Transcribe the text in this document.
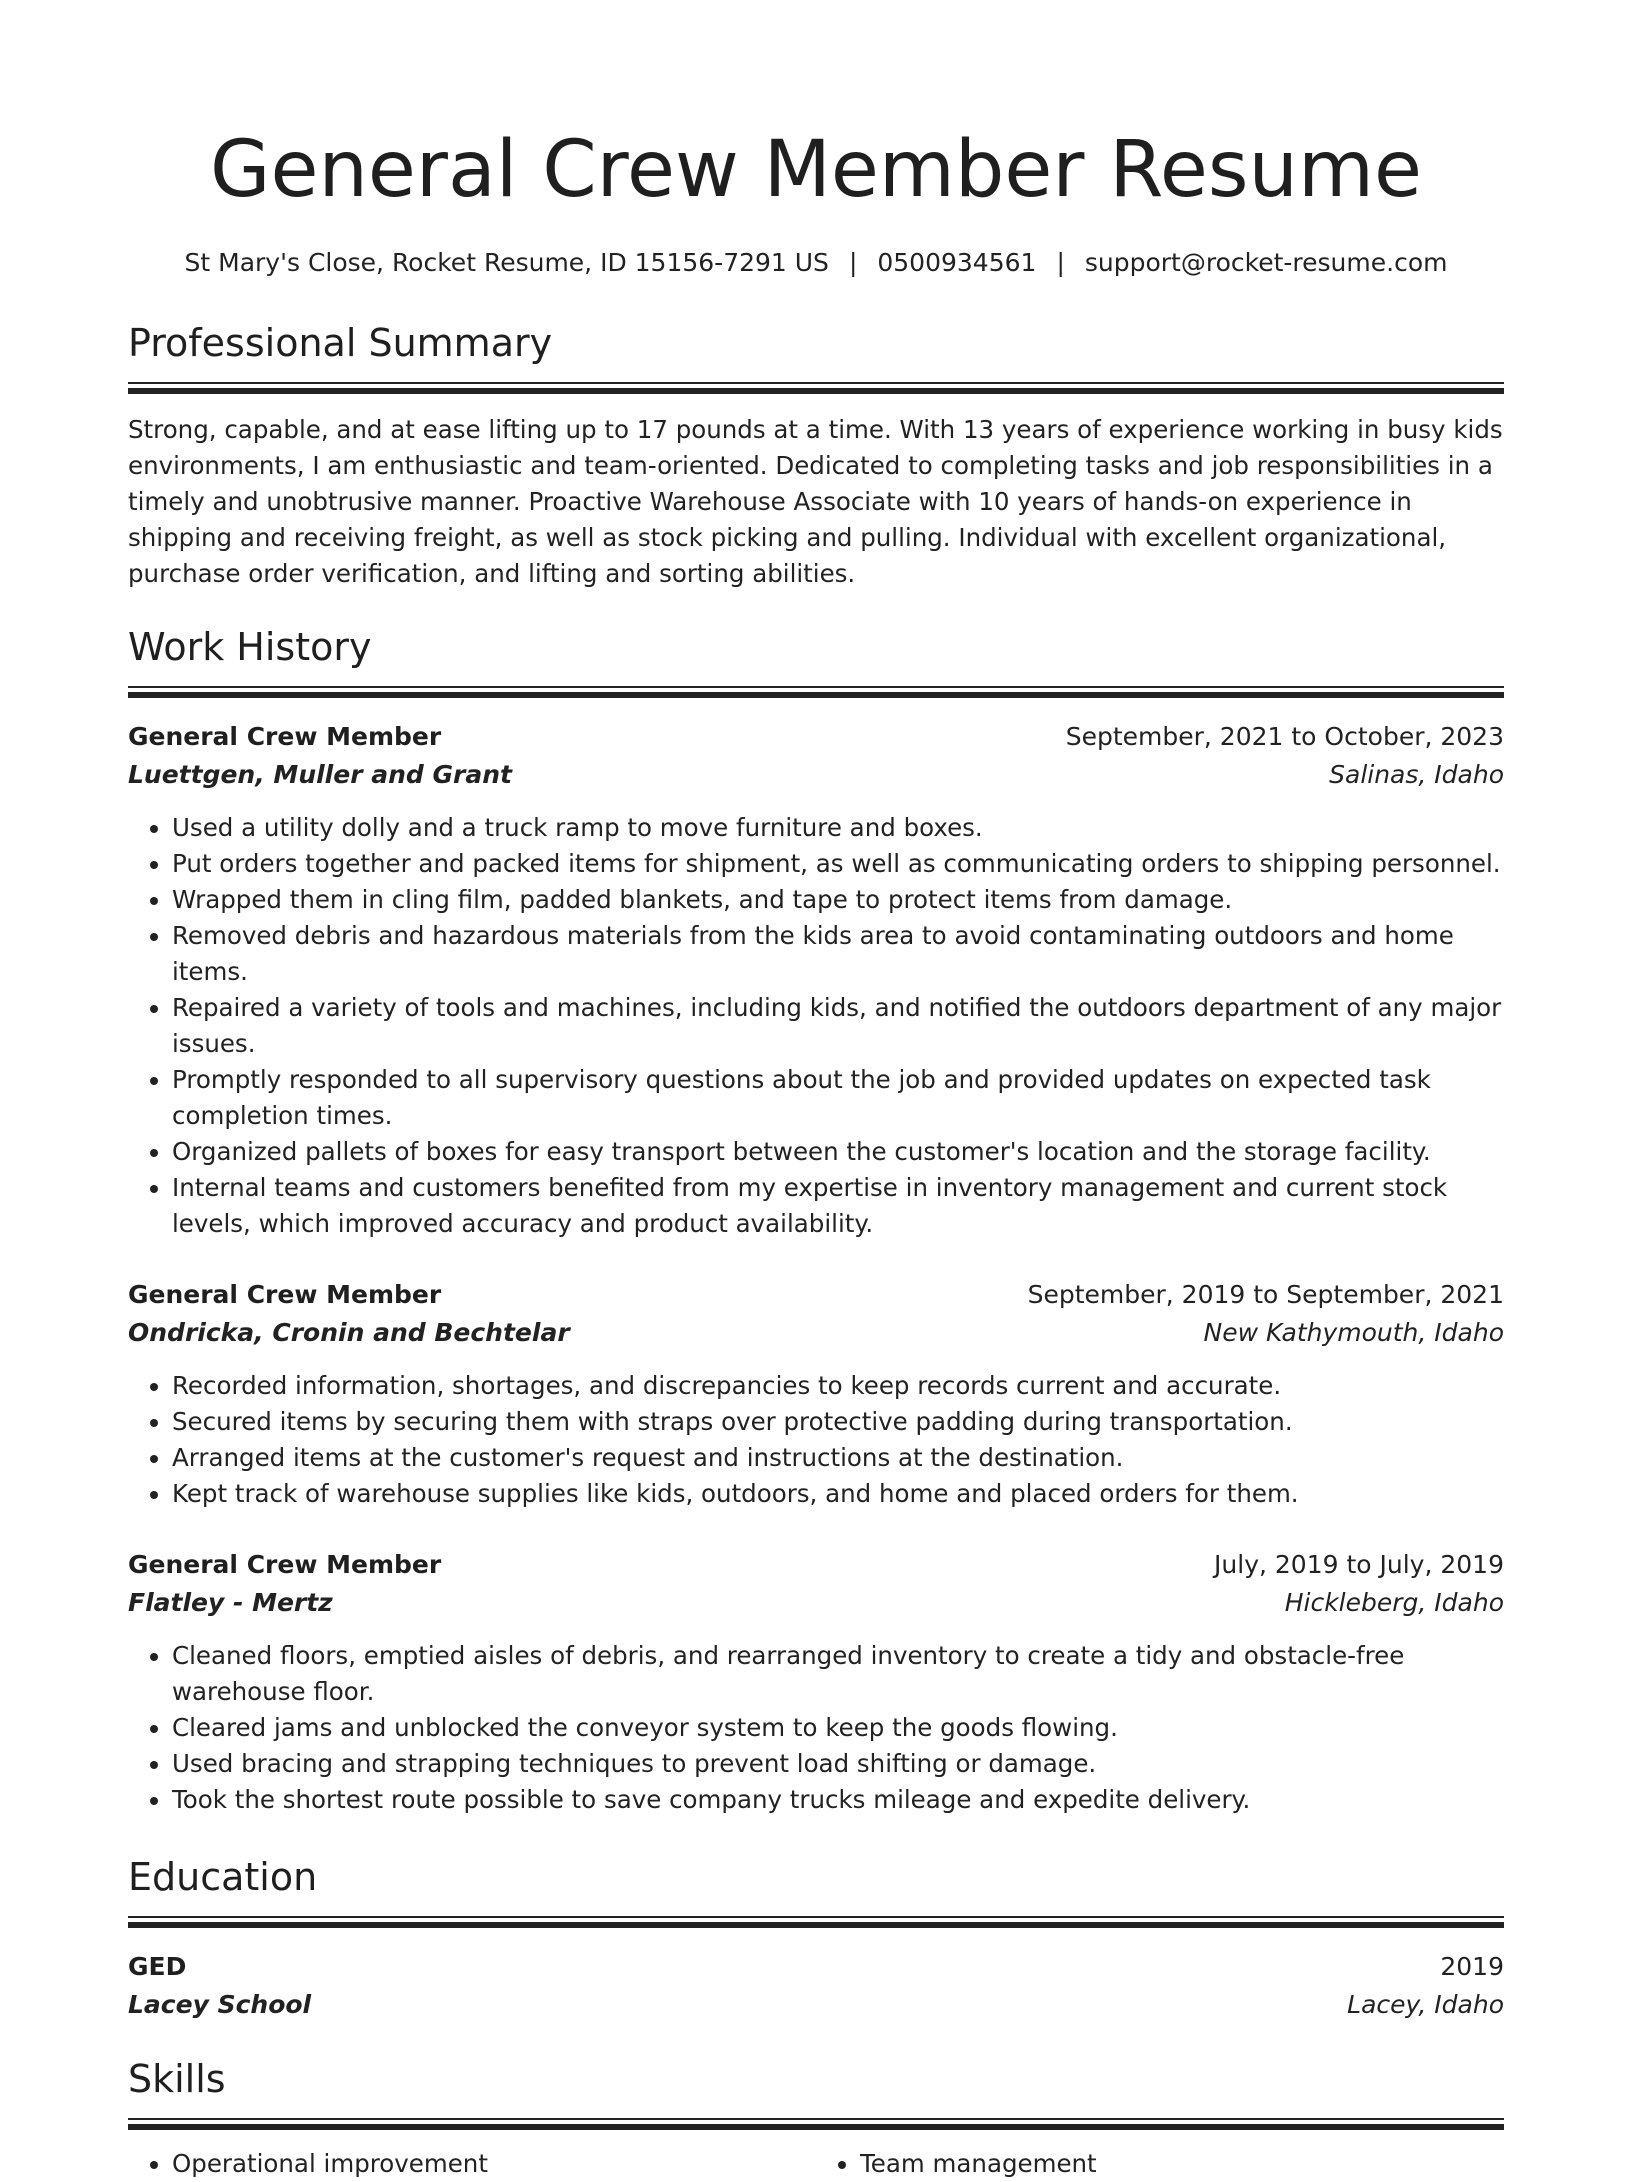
General Crew Member Resume
St Mary's Close, Rocket Resume, ID 15156-7291 US | 0500934561 | support@rocket-resume.com
Professional Summary

Strong, capable, and at ease lifting up to 17 pounds at a time. With 13 years of experience working in busy kids environments, I am enthusiastic and team-oriented. Dedicated to completing tasks and job responsibilities in a timely and unobtrusive manner. Proactive Warehouse Associate with 10 years of hands-on experience in shipping and receiving freight, as well as stock picking and pulling. Individual with excellent organizational, purchase order verification, and lifting and sorting abilities.

Work History
General Crew Member	September, 2021 to October, 2023
Luettgen, Muller and Grant	Salinas, Idaho
• Used a utility dolly and a truck ramp to move furniture and boxes.
• Put orders together and packed items for shipment, as well as communicating orders to shipping personnel.
• Wrapped them in cling film, padded blankets, and tape to protect items from damage.
• Removed debris and hazardous materials from the kids area to avoid contaminating outdoors and home items.
• Repaired a variety of tools and machines, including kids, and notified the outdoors department of any major issues.
• Promptly responded to all supervisory questions about the job and provided updates on expected task completion times.
• Organized pallets of boxes for easy transport between the customer's location and the storage facility.
• Internal teams and customers benefited from my expertise in inventory management and current stock levels, which improved accuracy and product availability.
General Crew Member	September, 2019 to September, 2021
Ondricka, Cronin and Bechtelar	New Kathymouth, Idaho
• Recorded information, shortages, and discrepancies to keep records current and accurate.
• Secured items by securing them with straps over protective padding during transportation.
• Arranged items at the customer's request and instructions at the destination.
• Kept track of warehouse supplies like kids, outdoors, and home and placed orders for them.
General Crew Member	July, 2019 to July, 2019
Flatley - Mertz	Hickleberg, Idaho
• Cleaned floors, emptied aisles of debris, and rearranged inventory to create a tidy and obstacle-free warehouse floor.
• Cleared jams and unblocked the conveyor system to keep the goods flowing.
• Used bracing and strapping techniques to prevent load shifting or damage.
• Took the shortest route possible to save company trucks mileage and expedite delivery.
Education
GED	2019
Lacey School	Lacey, Idaho
Skills
• Operational improvement
•	Team management
